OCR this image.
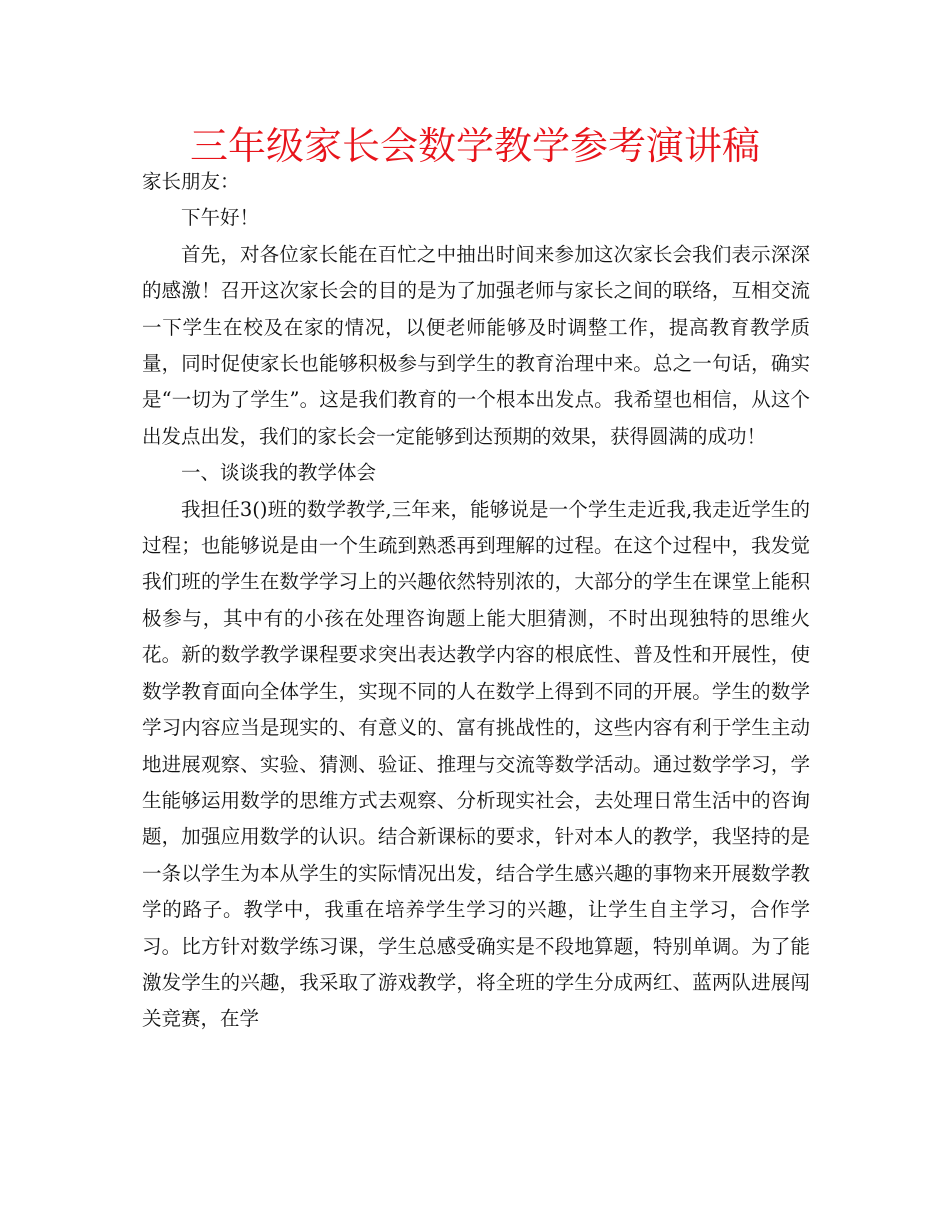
三年级家长会数学教学参考演讲稿

家长朋友：

下午好！

首先，对各位家长能在百忙之中抽出时间来参加这次家长会我们表示深深的感激！召开这次家长会的目的是为了加强老师与家长之间的联络，互相交流一下学生在校及在家的情况，以便老师能够及时调整工作，提高教育教学质量，同时促使家长也能够积极参与到学生的教育治理中来。总之一句话，确实是“一切为了学生”。这是我们教育的一个根本出发点。我希望也相信，从这个出发点出发，我们的家长会一定能够到达预期的效果，获得圆满的成功！

一、谈谈我的教学体会

我担任3()班的数学教学,三年来，能够说是一个学生走近我,我走近学生的过程；也能够说是由一个生疏到熟悉再到理解的过程。在这个过程中，我发觉我们班的学生在数学学习上的兴趣依然特别浓的，大部分的学生在课堂上能积极参与，其中有的小孩在处理咨询题上能大胆猜测，不时出现独特的思维火花。新的数学教学课程要求突出表达教学内容的根底性、普及性和开展性，使数学教育面向全体学生，实现不同的人在数学上得到不同的开展。学生的数学学习内容应当是现实的、有意义的、富有挑战性的，这些内容有利于学生主动地进展观察、实验、猜测、验证、推理与交流等数学活动。通过数学学习，学生能够运用数学的思维方式去观察、分析现实社会，去处理日常生活中的咨询题，加强应用数学的认识。结合新课标的要求，针对本人的教学，我坚持的是一条以学生为本从学生的实际情况出发，结合学生感兴趣的事物来开展数学教学的路子。教学中，我重在培养学生学习的兴趣，让学生自主学习，合作学习。比方针对数学练习课，学生总感受确实是不段地算题，特别单调。为了能激发学生的兴趣，我采取了游戏教学，将全班的学生分成两红、蓝两队进展闯关竞赛，在学
